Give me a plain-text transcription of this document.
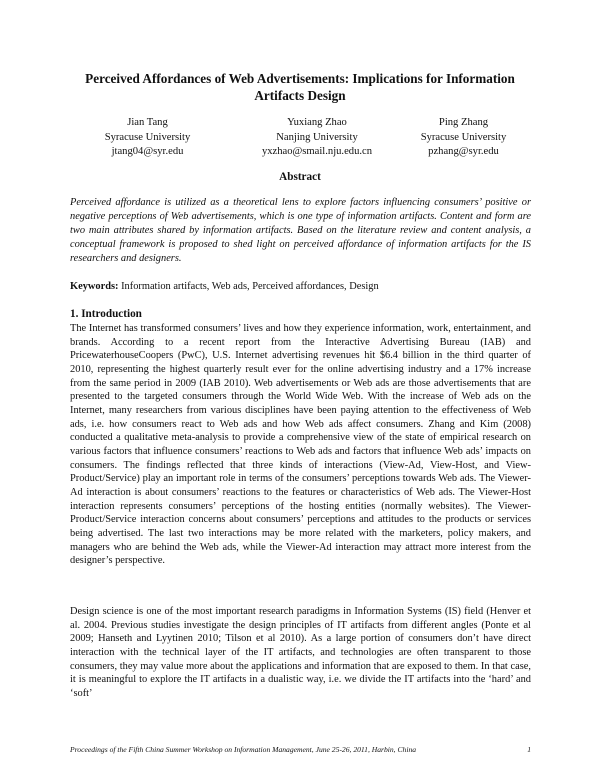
Perceived Affordances of Web Advertisements: Implications for Information Artifacts Design
Jian Tang
Syracuse University
jtang04@syr.edu
Yuxiang Zhao
Nanjing University
yxzhao@smail.nju.edu.cn
Ping Zhang
Syracuse University
pzhang@syr.edu
Abstract

Perceived affordance is utilized as a theoretical lens to explore factors influencing consumers’ positive or negative perceptions of Web advertisements, which is one type of information artifacts. Content and form are two main attributes shared by information artifacts. Based on the literature review and content analysis, a conceptual framework is proposed to shed light on perceived affordance of information artifacts for the IS researchers and designers.

Keywords: Information artifacts, Web ads, Perceived affordances, Design

1. Introduction

The Internet has transformed consumers’ lives and how they experience information, work, entertainment, and brands. According to a recent report from the Interactive Advertising Bureau (IAB) and PricewaterhouseCoopers (PwC), U.S. Internet advertising revenues hit $6.4 billion in the third quarter of 2010, representing the highest quarterly result ever for the online advertising industry and a 17% increase from the same period in 2009 (IAB 2010). Web advertisements or Web ads are those advertisements that are presented to the targeted consumers through the World Wide Web. With the increase of Web ads on the Internet, many researchers from various disciplines have been paying attention to the effectiveness of Web ads, i.e. how consumers react to Web ads and how Web ads affect consumers. Zhang and Kim (2008) conducted a qualitative meta-analysis to provide a comprehensive view of the state of empirical research on various factors that influence consumers’ reactions to Web ads and factors that influence Web ads’ impacts on consumers. The findings reflected that three kinds of interactions (View-Ad, View-Host, and View-Product/Service) play an important role in terms of the consumers’ perceptions towards Web ads. The Viewer-Ad interaction is about consumers’ reactions to the features or characteristics of Web ads. The Viewer-Host interaction represents consumers’ perceptions of the hosting entities (normally websites). The Viewer-Product/Service interaction concerns about consumers’ perceptions and attitudes to the products or services being advertised. The last two interactions may be more related with the marketers, policy makers, and managers who are behind the Web ads, while the Viewer-Ad interaction may attract more interest from the designer’s perspective.

Design science is one of the most important research paradigms in Information Systems (IS) field (Henver et al. 2004. Previous studies investigate the design principles of IT artifacts from different angles (Ponte et al 2009; Hanseth and Lyytinen 2010; Tilson et al 2010). As a large portion of consumers don’t have direct interaction with the technical layer of the IT artifacts, and technologies are often transparent to those consumers, they may value more about the applications and information that are exposed to them. In that case, it is meaningful to explore the IT artifacts in a dualistic way, i.e. we divide the IT artifacts into the ‘hard’ and ‘soft’

Proceedings of the Fifth China Summer Workshop on Information Management, June 25-26, 2011, Harbin, China	1
